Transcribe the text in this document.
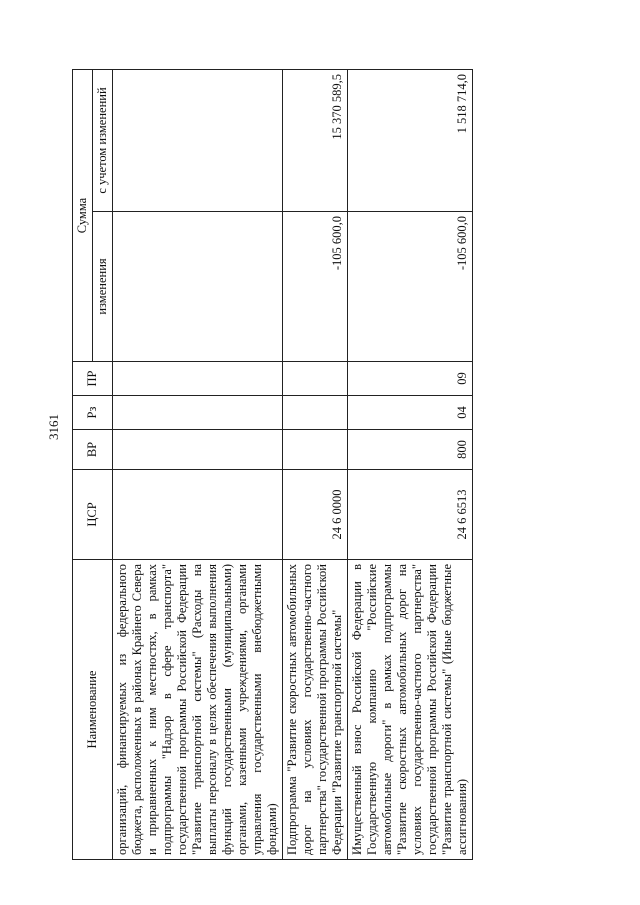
3161
Наименование	ЦСР	ВР	Рз	ПР	Сумма	
					изменения	с учетом изменений
организаций, финансируемых из федерального бюджета, расположенных в районах Крайнего Севера и приравненных к ним местностях, в рамках подпрограммы "Надзор в сфере транспорта" государственной программы Российской Федерации "Развитие транспортной системы" (Расходы на выплаты персоналу в целях обеспечения выполнения функций государственными (муниципальными) органами, казенными учреждениями, органами управления государственными внебюджетными фондами)						
Подпрограмма "Развитие скоростных автомобильных дорог на условиях государственно-частного партнерства" государственной программы Российской Федерации "Развитие транспортной системы"	24 6 0000				-105 600,0	15 370 589,5
Имущественный взнос Российской Федерации в Государственную компанию "Российские автомобильные дороги" в рамках подпрограммы "Развитие скоростных автомобильных дорог на условиях государственно-частного партнерства" государственной программы Российской Федерации "Развитие транспортной системы" (Иные бюджетные ассигнования)	24 6 6513	800	04	09	-105 600,0	1 518 714,0
